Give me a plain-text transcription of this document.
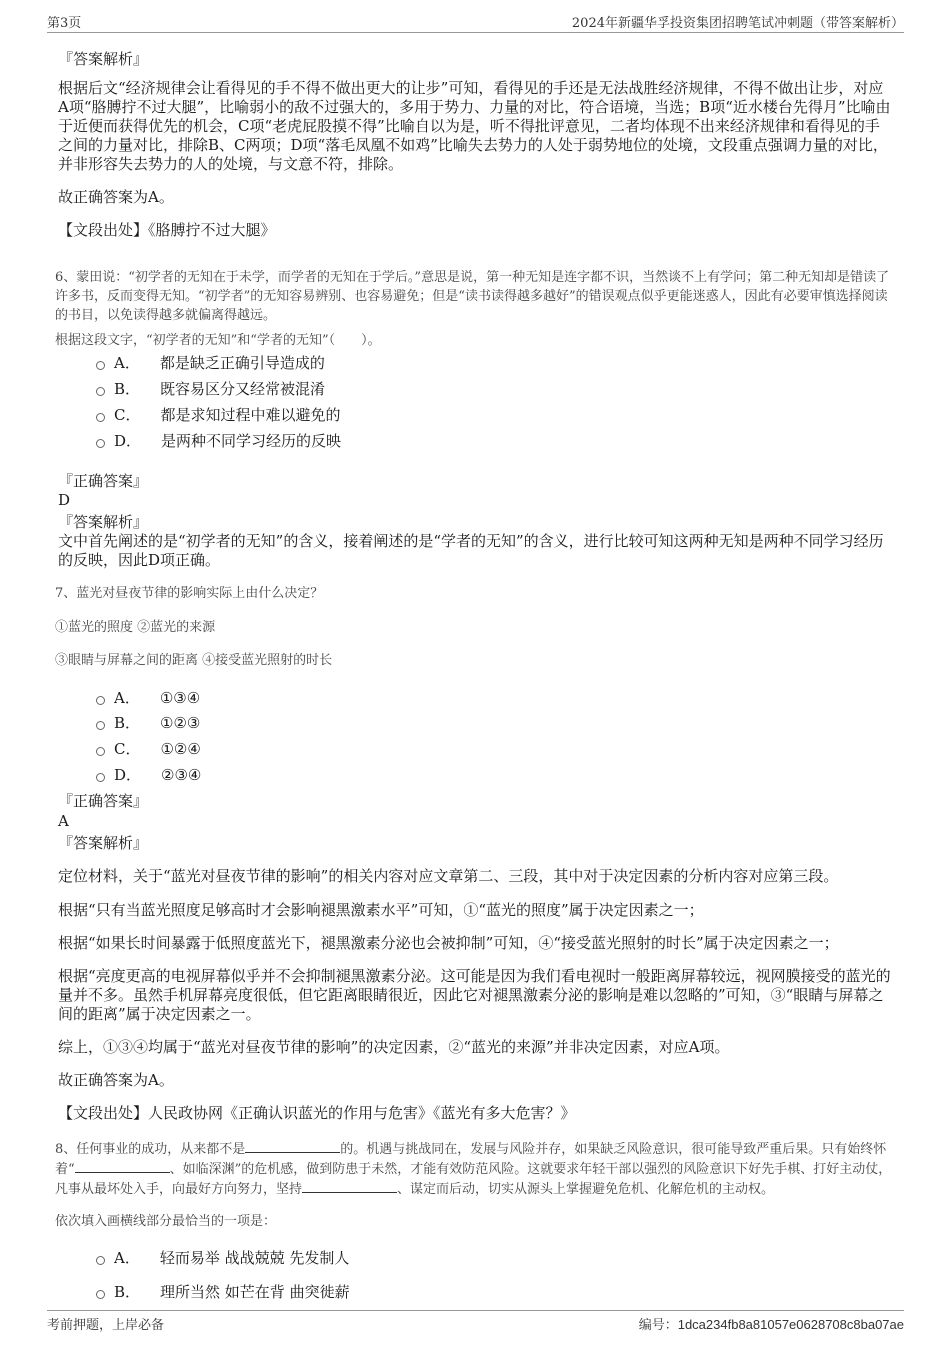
第3页	2024年新疆华孚投资集团招聘笔试冲刺题（带答案解析）

『答案解析』

根据后文“经济规律会让看得见的手不得不做出更大的让步”可知，看得见的手还是无法战胜经济规律，不得不做出让步，对应A项“胳膊拧不过大腿”，比喻弱小的敌不过强大的，多用于势力、力量的对比，符合语境，当选；B项“近水楼台先得月”比喻由于近便而获得优先的机会，C项“老虎屁股摸不得”比喻自以为是，听不得批评意见，二者均体现不出来经济规律和看得见的手之间的力量对比，排除B、C两项；D项“落毛凤凰不如鸡”比喻失去势力的人处于弱势地位的处境，文段重点强调力量的对比，并非形容失去势力的人的处境，与文意不符，排除。

故正确答案为A。

【文段出处】《胳膊拧不过大腿》

6、蒙田说：“初学者的无知在于未学，而学者的无知在于学后。”意思是说，第一种无知是连字都不识，当然谈不上有学问；第二种无知却是错读了许多书，反而变得无知。“初学者”的无知容易辨别、也容易避免；但是“读书读得越多越好”的错误观点似乎更能迷惑人，因此有必要审慎选择阅读的书目，以免读得越多就偏离得越远。

根据这段文字，“初学者的无知”和“学者的无知”（　　）。

A． 都是缺乏正确引导造成的
B． 既容易区分又经常被混淆
C． 都是求知过程中难以避免的
D． 是两种不同学习经历的反映

『正确答案』

D

『答案解析』

文中首先阐述的是“初学者的无知”的含义，接着阐述的是“学者的无知”的含义，进行比较可知这两种无知是两种不同学习经历的反映，因此D项正确。

7、蓝光对昼夜节律的影响实际上由什么决定？

①蓝光的照度 ②蓝光的来源

③眼睛与屏幕之间的距离 ④接受蓝光照射的时长

A． ①③④
B． ①②③
C． ①②④
D． ②③④

『正确答案』

A

『答案解析』

定位材料，关于“蓝光对昼夜节律的影响”的相关内容对应文章第二、三段，其中对于决定因素的分析内容对应第三段。

根据“只有当蓝光照度足够高时才会影响褪黑激素水平”可知，①“蓝光的照度”属于决定因素之一；

根据“如果长时间暴露于低照度蓝光下，褪黑激素分泌也会被抑制”可知，④“接受蓝光照射的时长”属于决定因素之一；

根据“亮度更高的电视屏幕似乎并不会抑制褪黑激素分泌。这可能是因为我们看电视时一般距离屏幕较远，视网膜接受的蓝光的量并不多。虽然手机屏幕亮度很低，但它距离眼睛很近，因此它对褪黑激素分泌的影响是难以忽略的”可知，③“眼睛与屏幕之间的距离”属于决定因素之一。

综上，①③④均属于“蓝光对昼夜节律的影响”的决定因素，②“蓝光的来源”并非决定因素，对应A项。

故正确答案为A。

【文段出处】人民政协网《正确认识蓝光的作用与危害》《蓝光有多大危害？》

8、任何事业的成功，从来都不是	的。机遇与挑战同在，发展与风险并存，如果缺乏风险意识，很可能导致严重后果。只有始终怀着“	、如临深渊”的危机感，做到防患于未然，才能有效防范风险。这就要求年轻干部以强烈的风险意识下好先手棋、打好主动仗，凡事从最坏处入手，向最好方向努力，坚持	、谋定而后动，切实从源头上掌握避免危机、化解危机的主动权。

依次填入画横线部分最恰当的一项是：

A． 轻而易举 战战兢兢 先发制人
B． 理所当然 如芒在背 曲突徙薪
考前押题，上岸必备	编号：1dca234fb8a81057e0628708c8ba07ae
